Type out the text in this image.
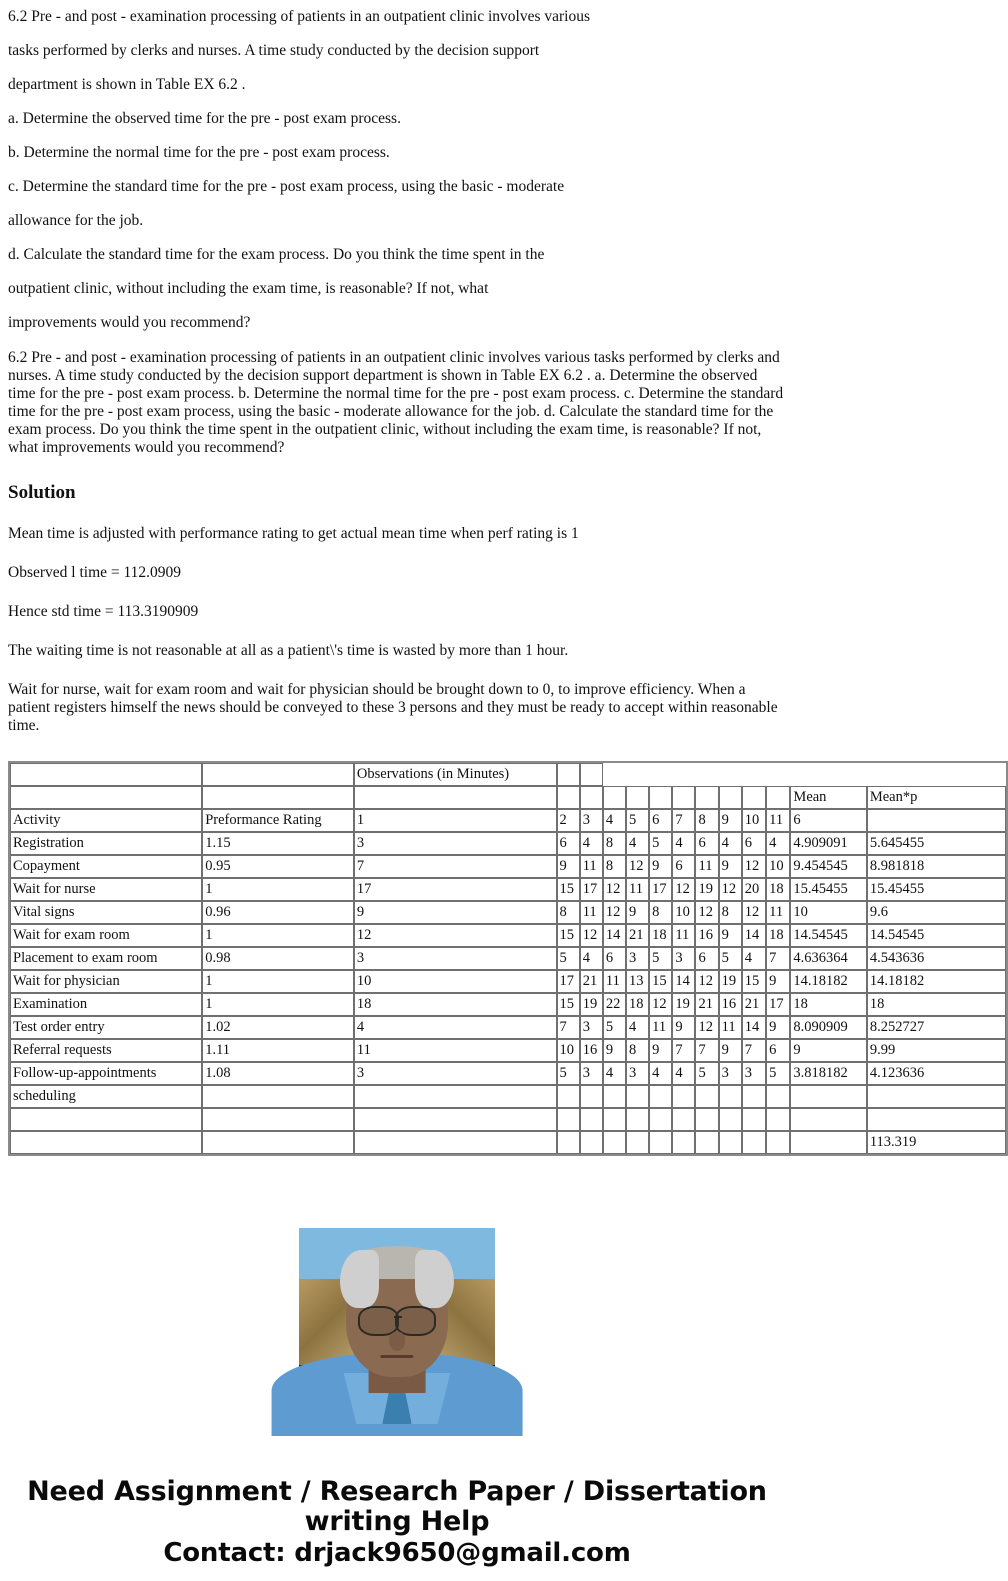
6.2 Pre - and post - examination processing of patients in an outpatient clinic involves various

tasks performed by clerks and nurses. A time study conducted by the decision support

department is shown in Table EX 6.2 .

a. Determine the observed time for the pre - post exam process.

b. Determine the normal time for the pre - post exam process.

c. Determine the standard time for the pre - post exam process, using the basic - moderate

allowance for the job.

d. Calculate the standard time for the exam process. Do you think the time spent in the

outpatient clinic, without including the exam time, is reasonable? If not, what

improvements would you recommend?

6.2 Pre - and post - examination processing of patients in an outpatient clinic involves various tasks performed by clerks and nurses. A time study conducted by the decision support department is shown in Table EX 6.2 . a. Determine the observed time for the pre - post exam process. b. Determine the normal time for the pre - post exam process. c. Determine the standard time for the pre - post exam process, using the basic - moderate allowance for the job. d. Calculate the standard time for the exam process. Do you think the time spent in the outpatient clinic, without including the exam time, is reasonable? If not, what improvements would you recommend?

Solution

Mean time is adjusted with performance rating to get actual mean time when perf rating is 1

Observed l time = 112.0909

Hence std time = 113.3190909

The waiting time is not reasonable at all as a patient\'s time is wasted by more than 1 hour.

Wait for nurse, wait for exam room and wait for physician should be brought down to 0, to improve efficiency. When a patient registers himself the news should be conveyed to these 3 persons and they must be ready to accept within reasonable time.

		Observations (in Minutes)												
													Mean	Mean*p
Activity	Preformance Rating	1	2	3	4	5	6	7	8	9	10	11	6	
Registration	1.15	3	6	4	8	4	5	4	6	4	6	4	4.909091	5.645455
Copayment	0.95	7	9	11	8	12	9	6	11	9	12	10	9.454545	8.981818
Wait for nurse	1	17	15	17	12	11	17	12	19	12	20	18	15.45455	15.45455
Vital signs	0.96	9	8	11	12	9	8	10	12	8	12	11	10	9.6
Wait for exam room	1	12	15	12	14	21	18	11	16	9	14	18	14.54545	14.54545
Placement to exam room	0.98	3	5	4	6	3	5	3	6	5	4	7	4.636364	4.543636
Wait for physician	1	10	17	21	11	13	15	14	12	19	15	9	14.18182	14.18182
Examination	1	18	15	19	22	18	12	19	21	16	21	17	18	18
Test order entry	1.02	4	7	3	5	4	11	9	12	11	14	9	8.090909	8.252727
Referral requests	1.11	11	10	16	9	8	9	7	7	9	7	6	9	9.99
Follow-up-appointments	1.08	3	5	3	4	3	4	4	5	3	3	5	3.818182	4.123636
scheduling														

														113.319
Need Assignment / Research Paper / Dissertation
writing Help
Contact: drjack9650@gmail.com
